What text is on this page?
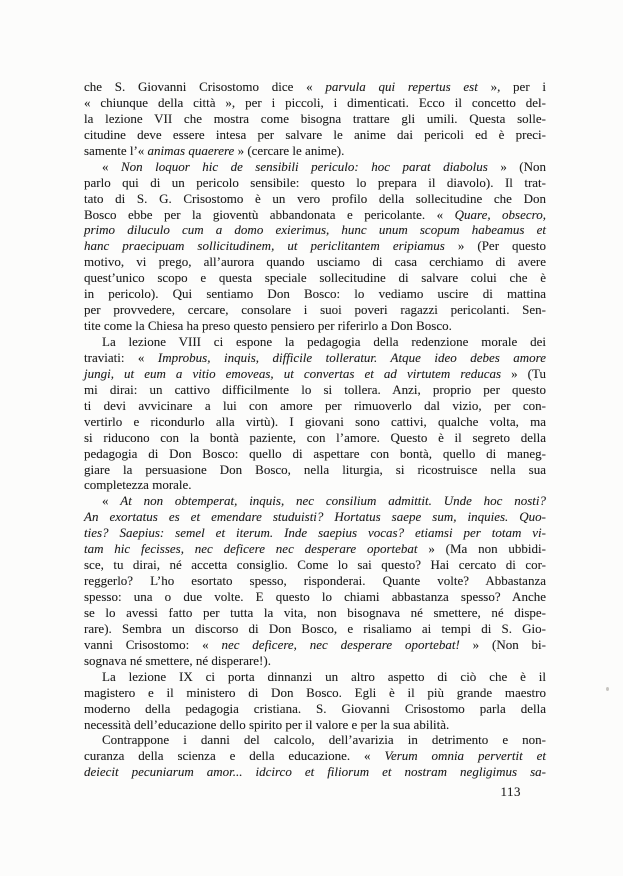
che S. Giovanni Crisostomo dice « parvula qui repertus est », per i
« chiunque della città », per i piccoli, i dimenticati. Ecco il concetto del-
la lezione VII che mostra come bisogna trattare gli umili. Questa solle-
citudine deve essere intesa per salvare le anime dai pericoli ed è preci-
samente l’« animas quaerere » (cercare le anime).
« Non loquor hic de sensibili periculo: hoc parat diabolus » (Non
parlo qui di un pericolo sensibile: questo lo prepara il diavolo). Il trat-
tato di S. G. Crisostomo è un vero profilo della sollecitudine che Don
Bosco ebbe per la gioventù abbandonata e pericolante. « Quare, obsecro,
primo diluculo cum a domo exierimus, hunc unum scopum habeamus et
hanc praecipuam sollicitudinem, ut periclitantem eripiamus » (Per questo
motivo, vi prego, all’aurora quando usciamo di casa cerchiamo di avere
quest’unico scopo e questa speciale sollecitudine di salvare colui che è
in pericolo). Qui sentiamo Don Bosco: lo vediamo uscire di mattina
per provvedere, cercare, consolare i suoi poveri ragazzi pericolanti. Sen-
tite come la Chiesa ha preso questo pensiero per riferirlo a Don Bosco.
La lezione VIII ci espone la pedagogia della redenzione morale dei
traviati: « Improbus, inquis, difficile tolleratur. Atque ideo debes amore
jungi, ut eum a vitio emoveas, ut convertas et ad virtutem reducas » (Tu
mi dirai: un cattivo difficilmente lo si tollera. Anzi, proprio per questo
ti devi avvicinare a lui con amore per rimuoverlo dal vizio, per con-
vertirlo e ricondurlo alla virtù). I giovani sono cattivi, qualche volta, ma
si riducono con la bontà paziente, con l’amore. Questo è il segreto della
pedagogia di Don Bosco: quello di aspettare con bontà, quello di maneg-
giare la persuasione Don Bosco, nella liturgia, si ricostruisce nella sua
completezza morale.
« At non obtemperat, inquis, nec consilium admittit. Unde hoc nosti?
An exortatus es et emendare studuisti? Hortatus saepe sum, inquies. Quo-
ties? Saepius: semel et iterum. Inde saepius vocas? etiamsi per totam vi-
tam hic fecisses, nec deficere nec desperare oportebat » (Ma non ubbidi-
sce, tu dirai, né accetta consiglio. Come lo sai questo? Hai cercato di cor-
reggerlo? L’ho esortato spesso, risponderai. Quante volte? Abbastanza
spesso: una o due volte. E questo lo chiami abbastanza spesso? Anche
se lo avessi fatto per tutta la vita, non bisognava né smettere, né dispe-
rare). Sembra un discorso di Don Bosco, e risaliamo ai tempi di S. Gio-
vanni Crisostomo: « nec deficere, nec desperare oportebat! » (Non bi-
sognava né smettere, né disperare!).
La lezione IX ci porta dinnanzi un altro aspetto di ciò che è il
magistero e il ministero di Don Bosco. Egli è il più grande maestro
moderno della pedagogia cristiana. S. Giovanni Crisostomo parla della
necessità dell’educazione dello spirito per il valore e per la sua abilità.
Contrappone i danni del calcolo, dell’avarizia in detrimento e non-
curanza della scienza e della educazione. « Verum omnia pervertit et
deiecit pecuniarum amor... idcirco et filiorum et nostram negligimus sa-
113
